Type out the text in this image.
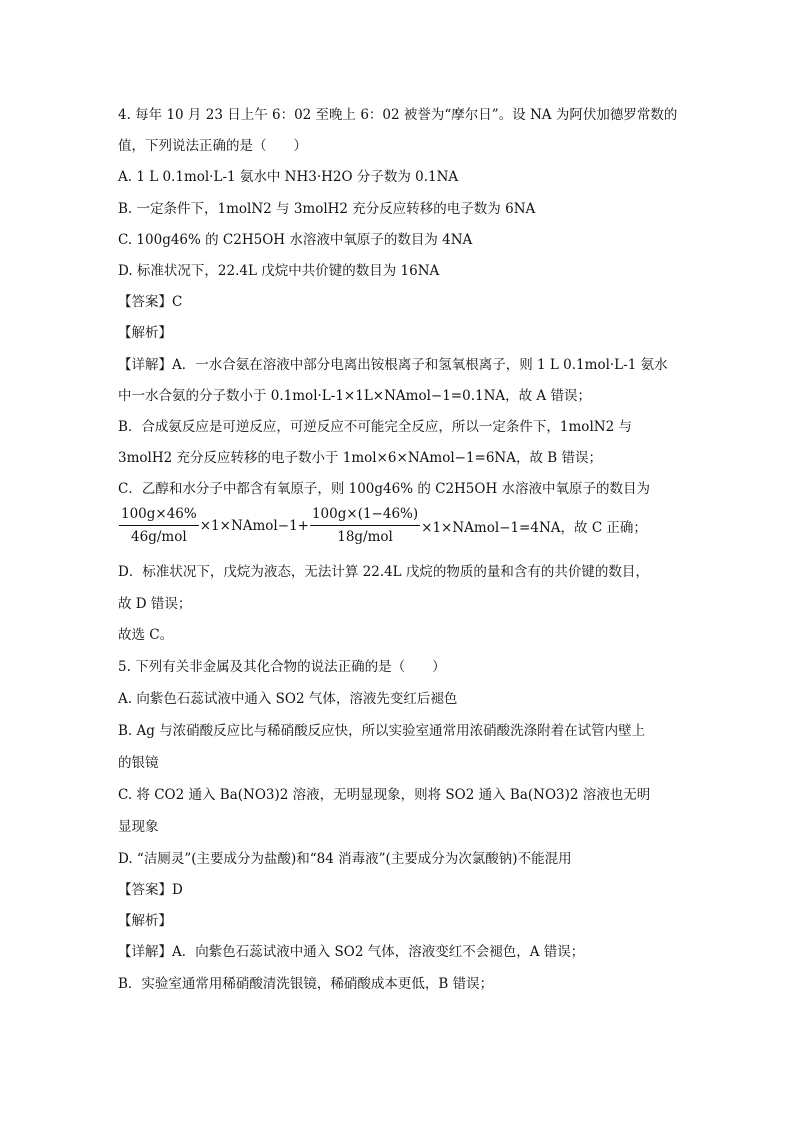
4. 每年 10 月 23 日上午 6：02 至晚上 6：02 被誉为“摩尔日”。设 NA 为阿伏加德罗常数的
值，下列说法正确的是（　　）
A. 1 L 0.1mol·L-1 氨水中 NH3·H2O 分子数为 0.1NA
B. 一定条件下，1molN2 与 3molH2 充分反应转移的电子数为 6NA
C. 100g46% 的 C2H5OH 水溶液中氧原子的数目为 4NA
D. 标准状况下，22.4L 戊烷中共价键的数目为 16NA
【答案】C
【解析】
【详解】A．一水合氨在溶液中部分电离出铵根离子和氢氧根离子，则 1 L 0.1mol·L-1 氨水
中一水合氨的分子数小于 0.1mol·L-1×1L×NAmol−1=0.1NA，故 A 错误；
B．合成氨反应是可逆反应，可逆反应不可能完全反应，所以一定条件下，1molN2 与
3molH2 充分反应转移的电子数小于 1mol×6×NAmol−1=6NA，故 B 错误；
C．乙醇和水分子中都含有氧原子，则 100g46% 的 C2H5OH 水溶液中氧原子的数目为
$\frac{100g\times 46\%}{\text{46g/mol}}$ ×1×NAmol−1+ $\frac{100g\times(1-46\%)}{\text{18g/mol}}$ ×1×NAmol−1=4NA，故 C 正确；
D．标准状况下，戊烷为液态，无法计算 22.4L 戊烷的物质的量和含有的共价键的数目，
故 D 错误；
故选 C。
5. 下列有关非金属及其化合物的说法正确的是（　　）
A. 向紫色石蕊试液中通入 SO2 气体，溶液先变红后褪色
B. Ag 与浓硝酸反应比与稀硝酸反应快，所以实验室通常用浓硝酸洗涤附着在试管内壁上
的银镜
C. 将 CO2 通入 Ba(NO3)2 溶液，无明显现象，则将 SO2 通入 Ba(NO3)2 溶液也无明
显现象
D. “洁厕灵”(主要成分为盐酸)和“84 消毒液”(主要成分为次氯酸钠)不能混用
【答案】D
【解析】
【详解】A．向紫色石蕊试液中通入 SO2 气体，溶液变红不会褪色，A 错误；
B．实验室通常用稀硝酸清洗银镜，稀硝酸成本更低，B 错误；
